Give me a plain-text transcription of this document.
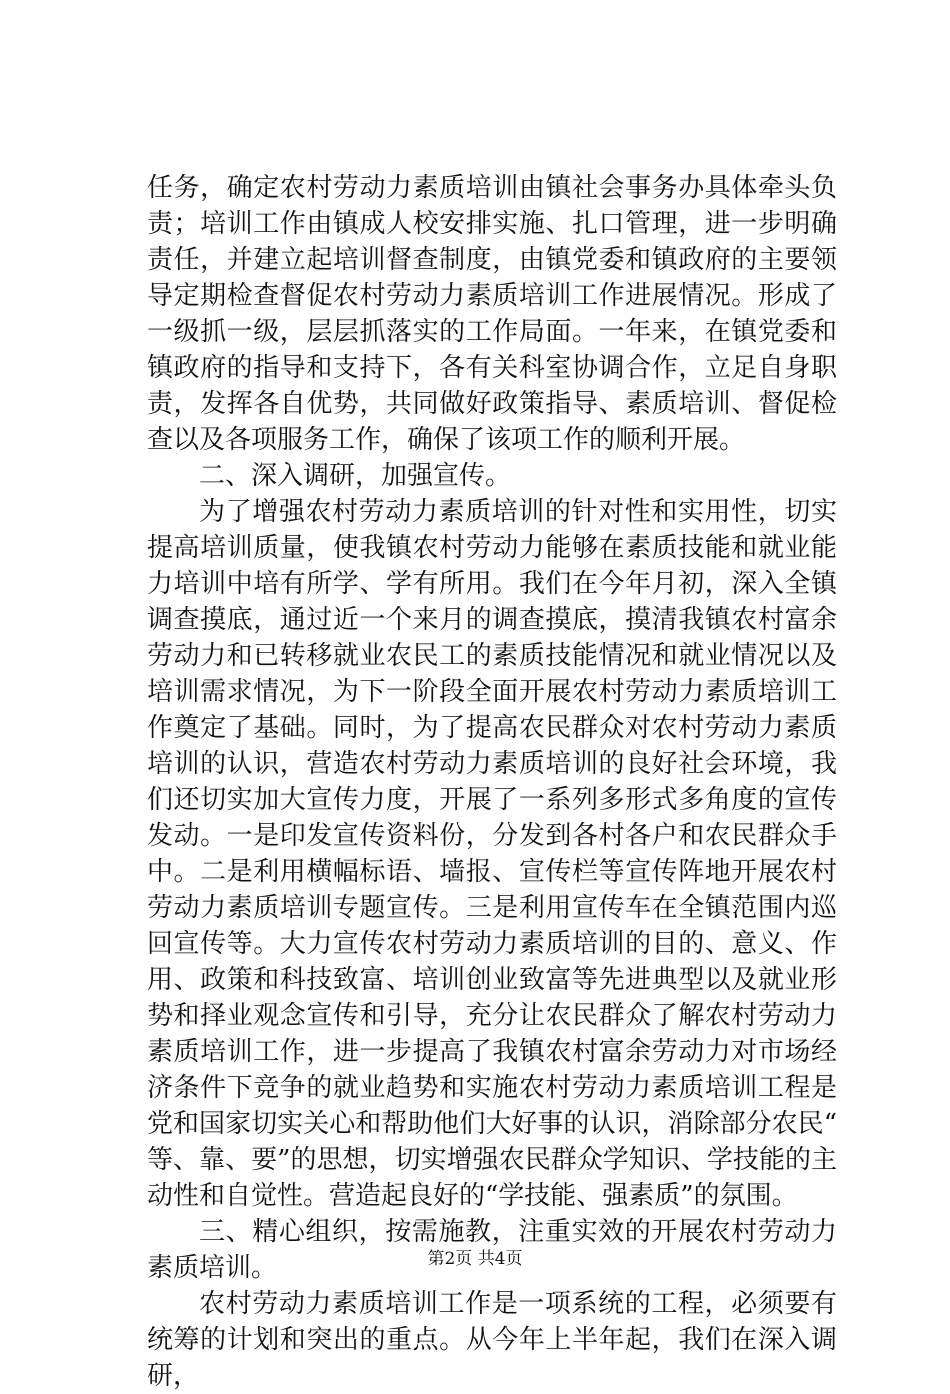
任务，确定农村劳动力素质培训由镇社会事务办具体牵头负责；培训工作由镇成人校安排实施、扎口管理，进一步明确责任，并建立起培训督查制度，由镇党委和镇政府的主要领导定期检查督促农村劳动力素质培训工作进展情况。形成了一级抓一级，层层抓落实的工作局面。一年来，在镇党委和镇政府的指导和支持下，各有关科室协调合作，立足自身职责，发挥各自优势，共同做好政策指导、素质培训、督促检查以及各项服务工作，确保了该项工作的顺利开展。

二、深入调研，加强宣传。

为了增强农村劳动力素质培训的针对性和实用性，切实提高培训质量，使我镇农村劳动力能够在素质技能和就业能力培训中培有所学、学有所用。我们在今年月初，深入全镇调查摸底，通过近一个来月的调查摸底，摸清我镇农村富余劳动力和已转移就业农民工的素质技能情况和就业情况以及培训需求情况，为下一阶段全面开展农村劳动力素质培训工作奠定了基础。同时，为了提高农民群众对农村劳动力素质培训的认识，营造农村劳动力素质培训的良好社会环境，我们还切实加大宣传力度，开展了一系列多形式多角度的宣传发动。一是印发宣传资料份，分发到各村各户和农民群众手中。二是利用横幅标语、墙报、宣传栏等宣传阵地开展农村劳动力素质培训专题宣传。三是利用宣传车在全镇范围内巡回宣传等。大力宣传农村劳动力素质培训的目的、意义、作用、政策和科技致富、培训创业致富等先进典型以及就业形势和择业观念宣传和引导，充分让农民群众了解农村劳动力素质培训工作，进一步提高了我镇农村富余劳动力对市场经济条件下竞争的就业趋势和实施农村劳动力素质培训工程是党和国家切实关心和帮助他们大好事的认识，消除部分农民“等、靠、要”的思想，切实增强农民群众学知识、学技能的主动性和自觉性。营造起良好的“学技能、强素质”的氛围。

三、精心组织，按需施教，注重实效的开展农村劳动力素质培训。

农村劳动力素质培训工作是一项系统的工程，必须要有统筹的计划和突出的重点。从今年上半年起，我们在深入调研，

第2页 共4页
